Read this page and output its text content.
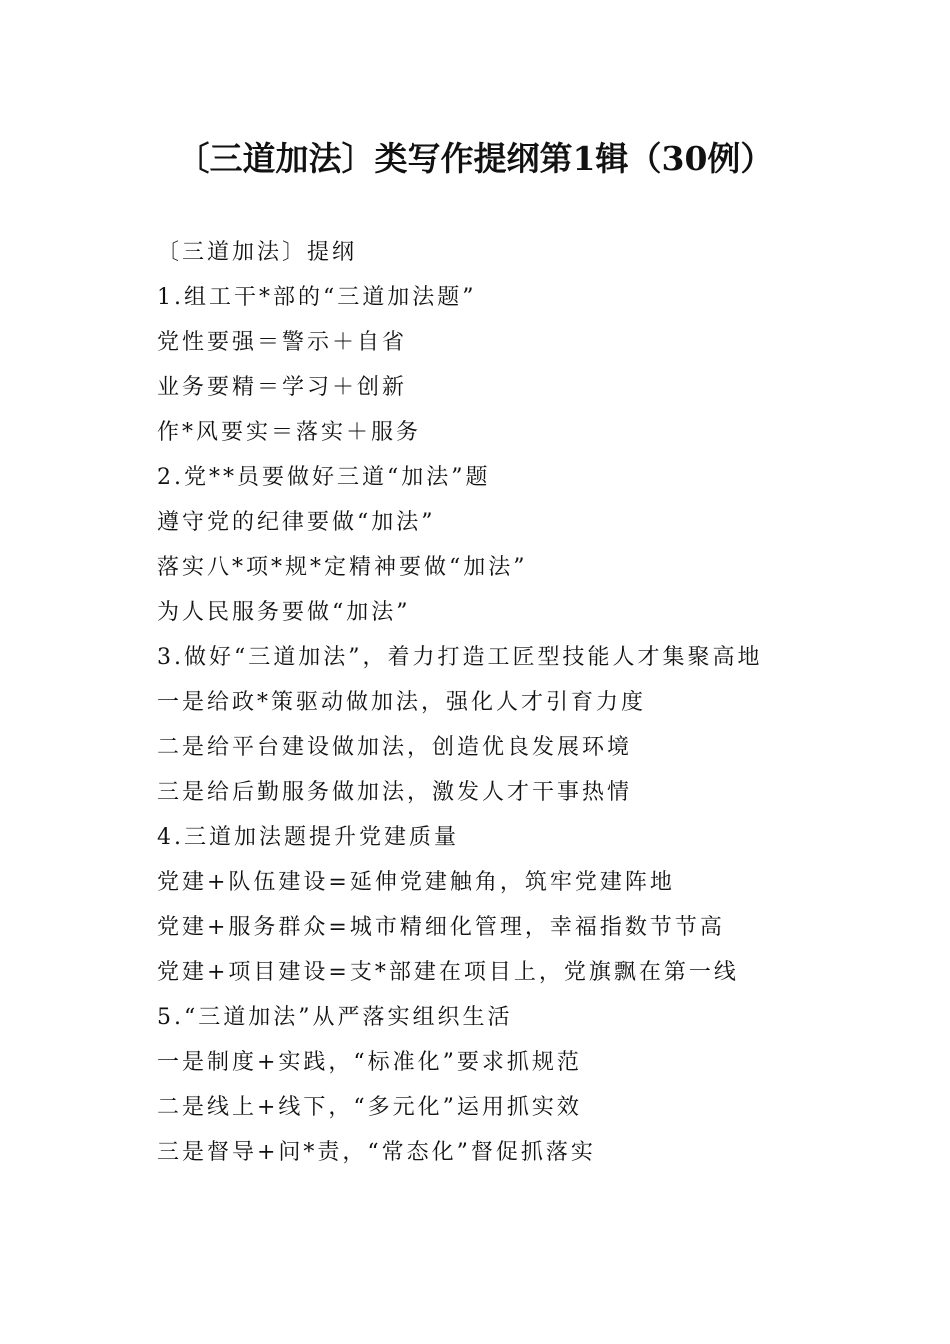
〔三道加法〕类写作提纲第1辑（30例）
〔三道加法〕提纲
1.组工干*部的“三道加法题”
党性要强＝警示＋自省
业务要精＝学习＋创新
作*风要实＝落实＋服务
2.党**员要做好三道“加法”题
遵守党的纪律要做“加法”
落实八*项*规*定精神要做“加法”
为人民服务要做“加法”
3.做好“三道加法”，着力打造工匠型技能人才集聚高地
一是给政*策驱动做加法，强化人才引育力度
二是给平台建设做加法，创造优良发展环境
三是给后勤服务做加法，激发人才干事热情
4.三道加法题提升党建质量
党建+队伍建设=延伸党建触角，筑牢党建阵地
党建+服务群众=城市精细化管理，幸福指数节节高
党建+项目建设=支*部建在项目上，党旗飘在第一线
5.“三道加法”从严落实组织生活
一是制度+实践，“标准化”要求抓规范
二是线上+线下，“多元化”运用抓实效
三是督导+问*责，“常态化”督促抓落实
